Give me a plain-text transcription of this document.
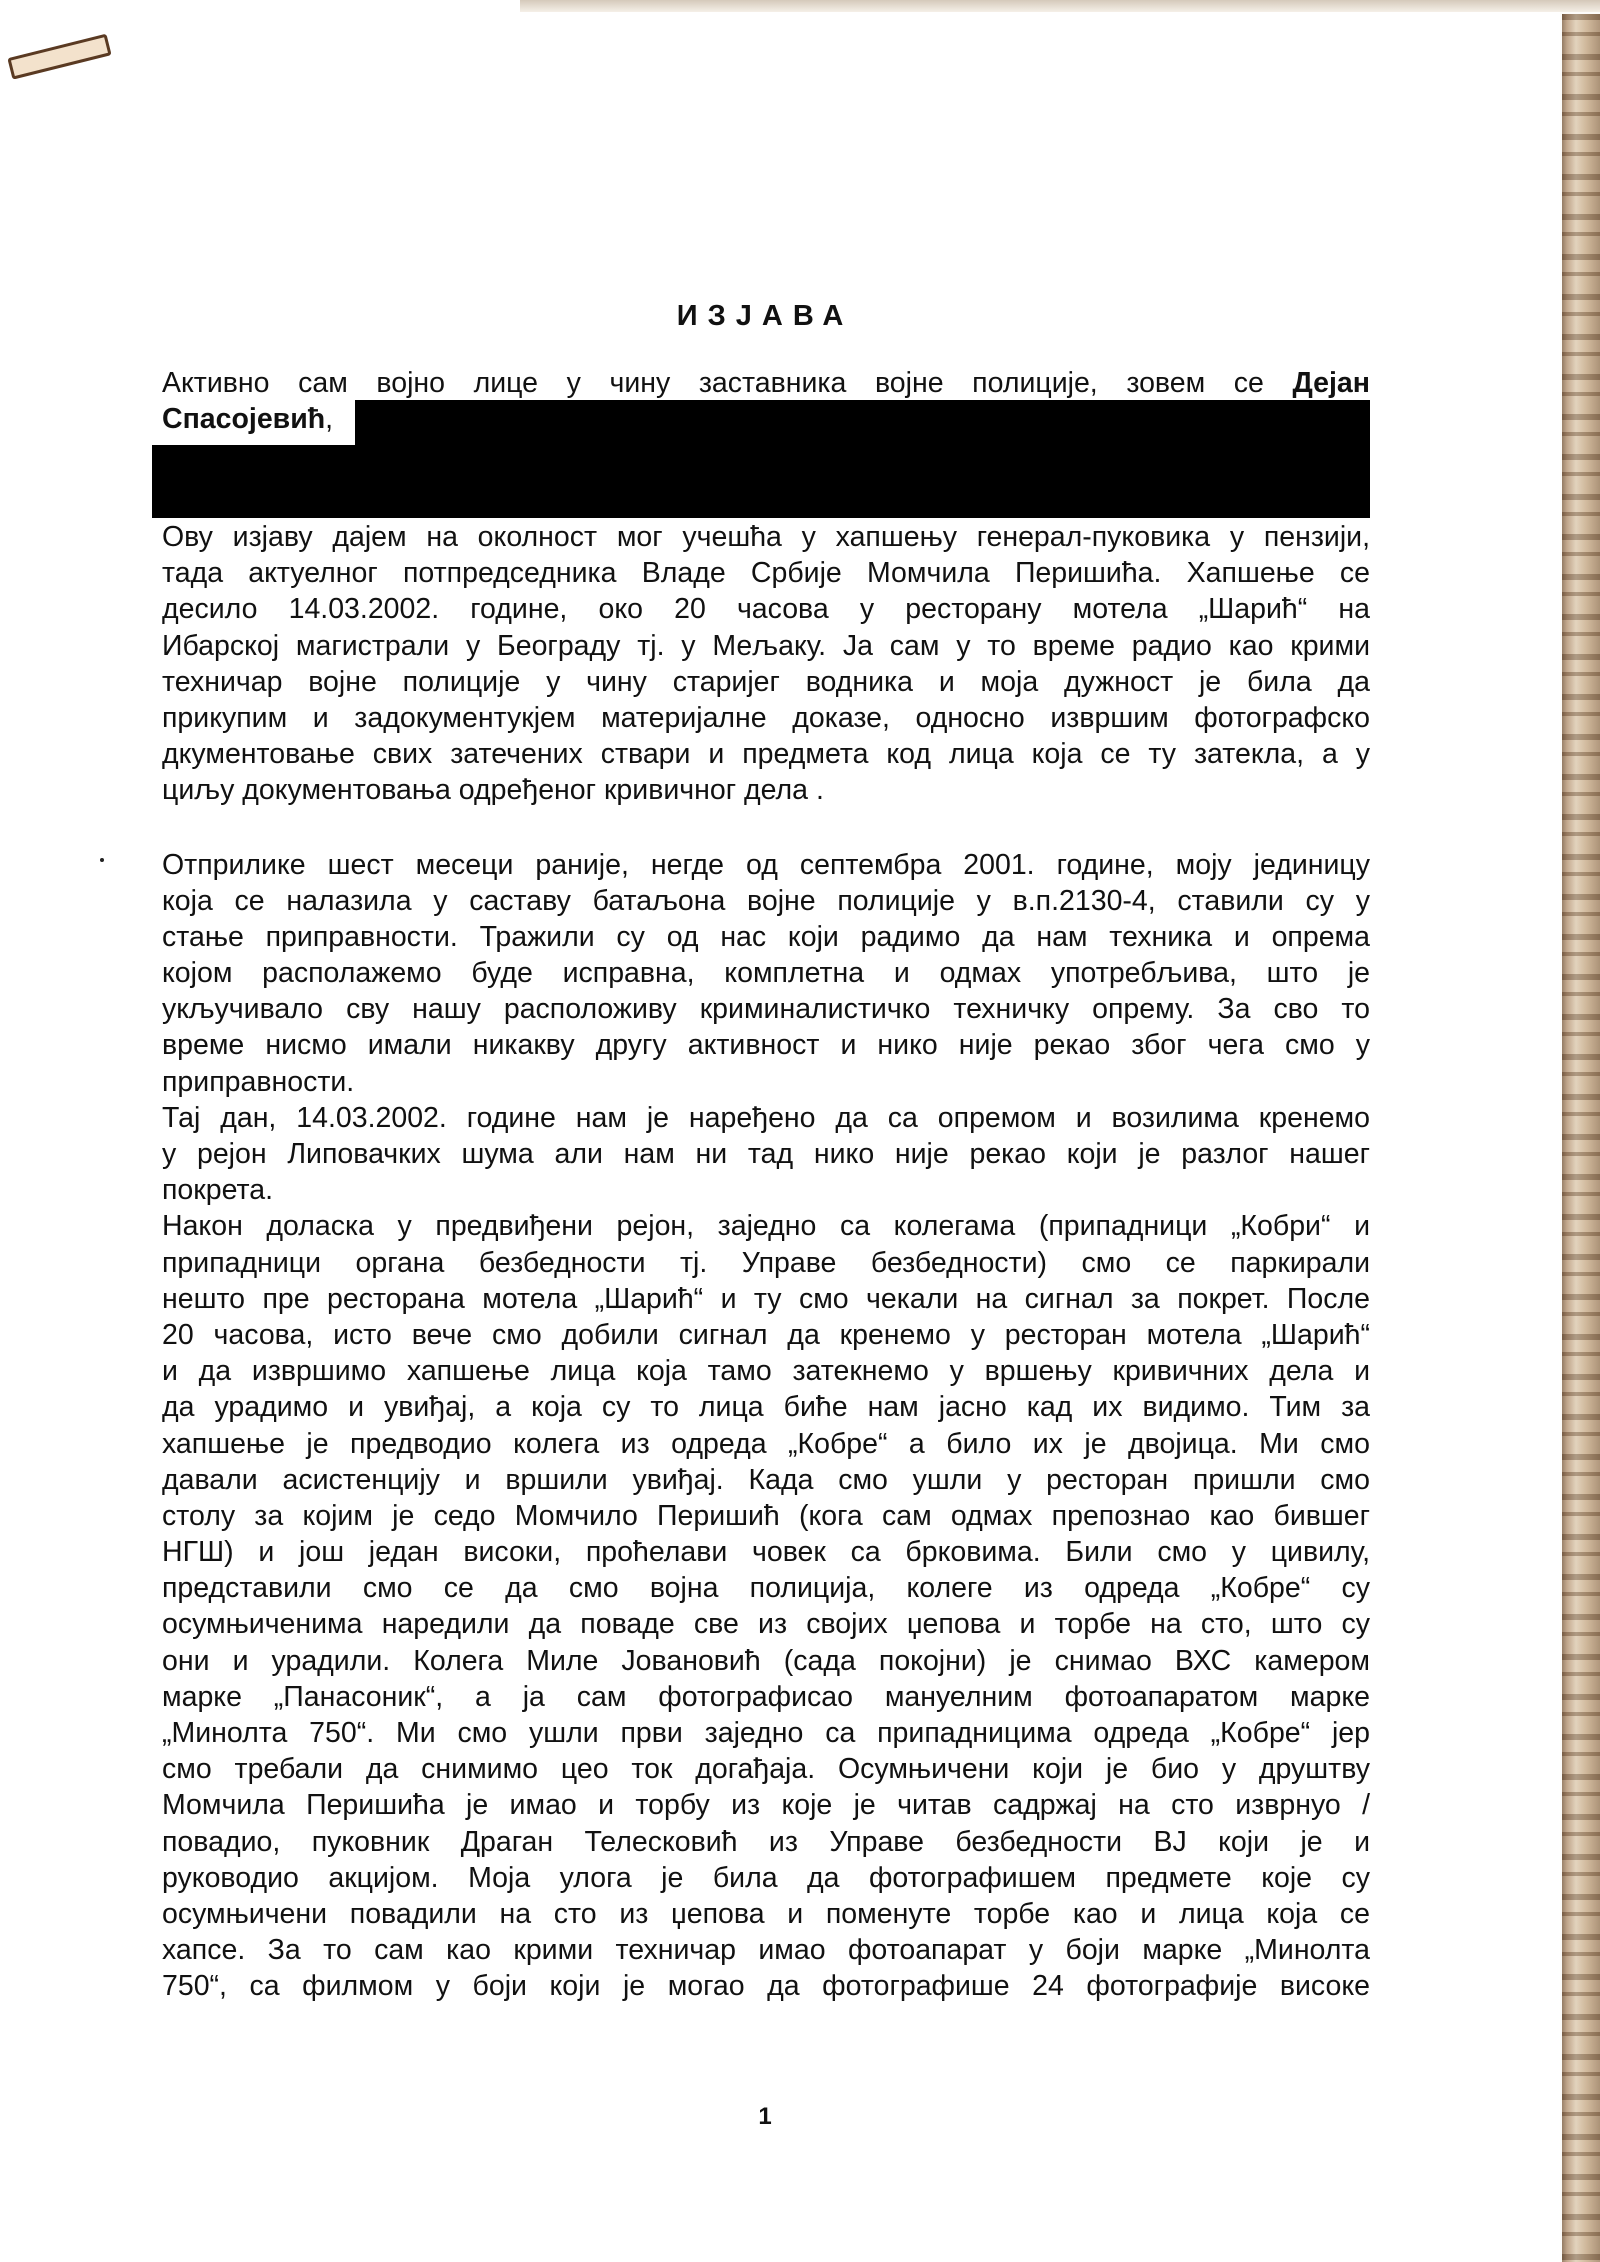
ИЗЈАВА
Активно сам војно лице у чину заставника војне полиције, зовем се Дејан
Спасојевић,
Ову изјаву дајем на околност мог учешћа у хапшењу генерал-пуковика у пензији,
тада актуелног потпредседника Владе Србије Момчила Перишића. Хапшење се
десило 14.03.2002. године, око 20 часова у ресторану мотела „Шарић“ на
Ибарској магистрали у Београду тј. у Мељаку. Ја сам у то време радио као крими
техничар војне полиције у чину старијег водника и моја дужност је била да
прикупим и задокументукјем материјалне доказе, односно извршим фотографско
дкументовање свих затечених ствари и предмета код лица која се ту затекла, а у
циљу документовања одређеног кривичног дела .
Отприлике шест месеци раније, негде од септембра 2001. године, моју јединицу
која се налазила у саставу батаљона војне полиције у в.п.2130-4, ставили су у
стање приправности. Тражили су од нас који радимо да нам техника и опрема
којом располажемо буде исправна, комплетна и одмах употребљива, што је
укључивало сву нашу расположиву криминалистичко техничку опрему. За сво то
време нисмо имали никакву другу активност и нико није рекао због чега смо у
приправности.
Тај дан, 14.03.2002. године нам је наређено да са опремом и возилима кренемо
у рејон Липовачких шума али нам ни тад нико није рекао који је разлог нашег
покрета.
Након доласка у предвиђени рејон, заједно са колегама (припадници „Кобри“ и
припадници органа безбедности тј. Управе безбедности) смо се паркирали
нешто пре ресторана мотела „Шарић“ и ту смо чекали на сигнал за покрет. После
20 часова, исто вече смо добили сигнал да кренемо у ресторан мотела „Шарић“
и да извршимо хапшење лица која тамо затекнемо у вршењу кривичних дела и
да урадимо и увиђај, а која су то лица биће нам јасно кад их видимо. Тим за
хапшење је предводио колега из одреда „Кобре“ а било их је двојица. Ми смо
давали асистенцију и вршили увиђај. Када смо ушли у ресторан пришли смо
столу за којим је седо Момчило Перишић (кога сам одмах препознао као бившег
НГШ) и још један високи, проћелави човек са брковима. Били смо у цивилу,
представили смо се да смо војна полиција, колеге из одреда „Кобре“ су
осумњиченима наредили да поваде све из својих џепова и торбе на сто, што су
они и урадили. Колега Миле Јовановић (сада покојни) је снимао ВХС камером
марке „Панасоник“, а ја сам фотографисао мануелним фотоапаратом марке
„Минолта 750“. Ми смо ушли први заједно са припадницима одреда „Кобре“ јер
смо требали да снимимо цео ток догађаја. Осумњичени који је био у друштву
Момчила Перишића је имао и торбу из које је читав садржај на сто изврнуо /
повадио, пуковник Драган Телесковић из Управе безбедности ВЈ који је и
руководио акцијом. Моја улога је била да фотографишем предмете које су
осумњичени повадили на сто из џепова и поменуте торбе као и лица која се
хапсе. За то сам као крими техничар имао фотоапарат у боји марке „Минолта
750“, са филмом у боји који је могао да фотографише 24 фотографије високе
1
